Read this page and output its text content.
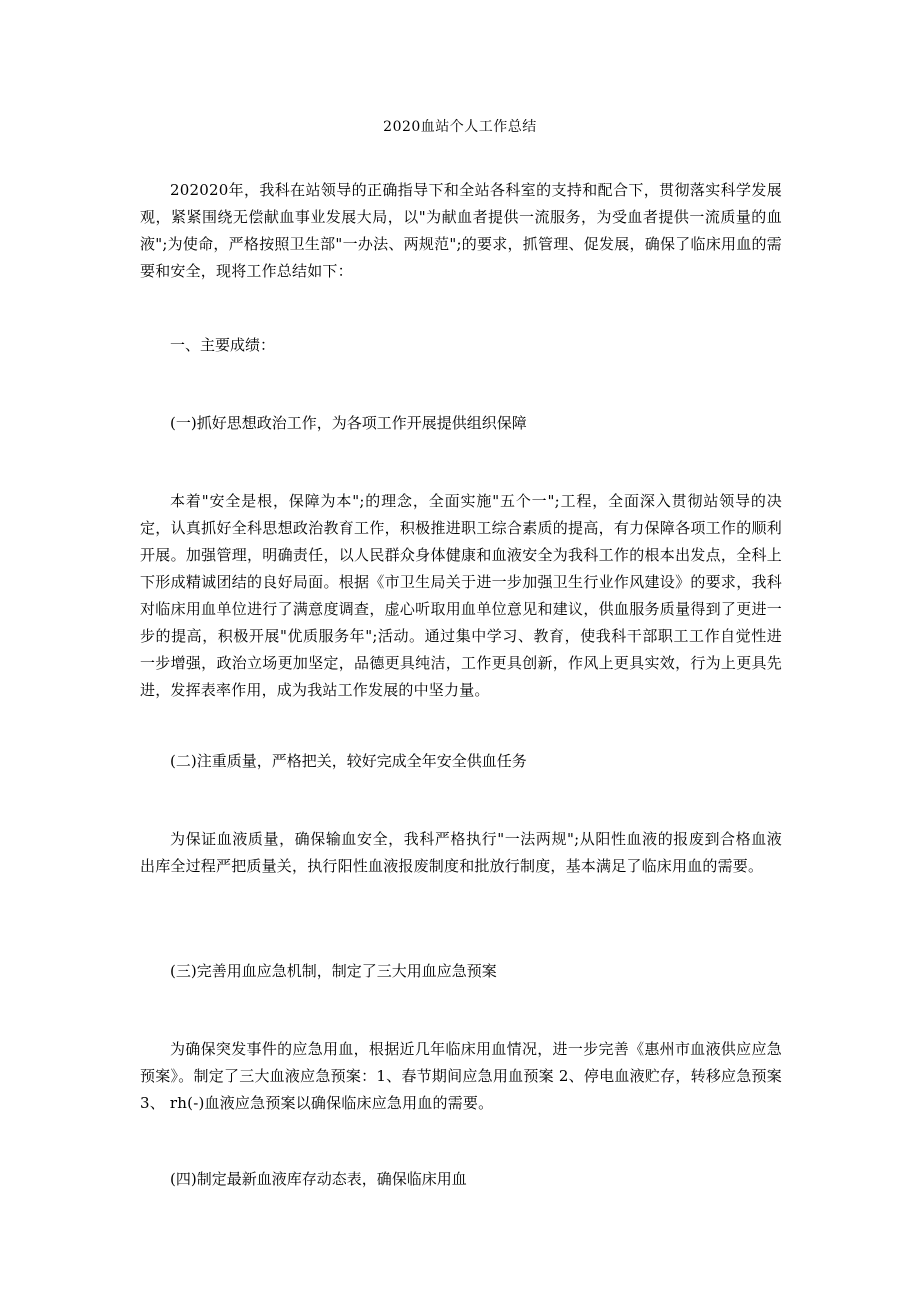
2020血站个人工作总结
202020年，我科在站领导的正确指导下和全站各科室的支持和配合下，贯彻落实科学发展观，紧紧围绕无偿献血事业发展大局，以"为献血者提供一流服务，为受血者提供一流质量的血液";为使命，严格按照卫生部"一办法、两规范";的要求，抓管理、促发展，确保了临床用血的需要和安全，现将工作总结如下：
一、主要成绩：
(一)抓好思想政治工作，为各项工作开展提供组织保障
本着"安全是根，保障为本";的理念，全面实施"五个一";工程，全面深入贯彻站领导的决定，认真抓好全科思想政治教育工作，积极推进职工综合素质的提高，有力保障各项工作的顺利开展。加强管理，明确责任，以人民群众身体健康和血液安全为我科工作的根本出发点，全科上下形成精诚团结的良好局面。根据《市卫生局关于进一步加强卫生行业作风建设》的要求，我科对临床用血单位进行了满意度调查，虚心听取用血单位意见和建议，供血服务质量得到了更进一步的提高，积极开展"优质服务年";活动。通过集中学习、教育，使我科干部职工工作自觉性进一步增强，政治立场更加坚定，品德更具纯洁，工作更具创新，作风上更具实效，行为上更具先进，发挥表率作用，成为我站工作发展的中坚力量。
(二)注重质量，严格把关，较好完成全年安全供血任务
为保证血液质量，确保输血安全，我科严格执行"一法两规";从阳性血液的报废到合格血液出库全过程严把质量关，执行阳性血液报废制度和批放行制度，基本满足了临床用血的需要。
(三)完善用血应急机制，制定了三大用血应急预案
为确保突发事件的应急用血，根据近几年临床用血情况，进一步完善《惠州市血液供应应急预案》。制定了三大血液应急预案：1、春节期间应急用血预案 2、停电血液贮存，转移应急预案 3、 rh(-)血液应急预案以确保临床应急用血的需要。
(四)制定最新血液库存动态表，确保临床用血
